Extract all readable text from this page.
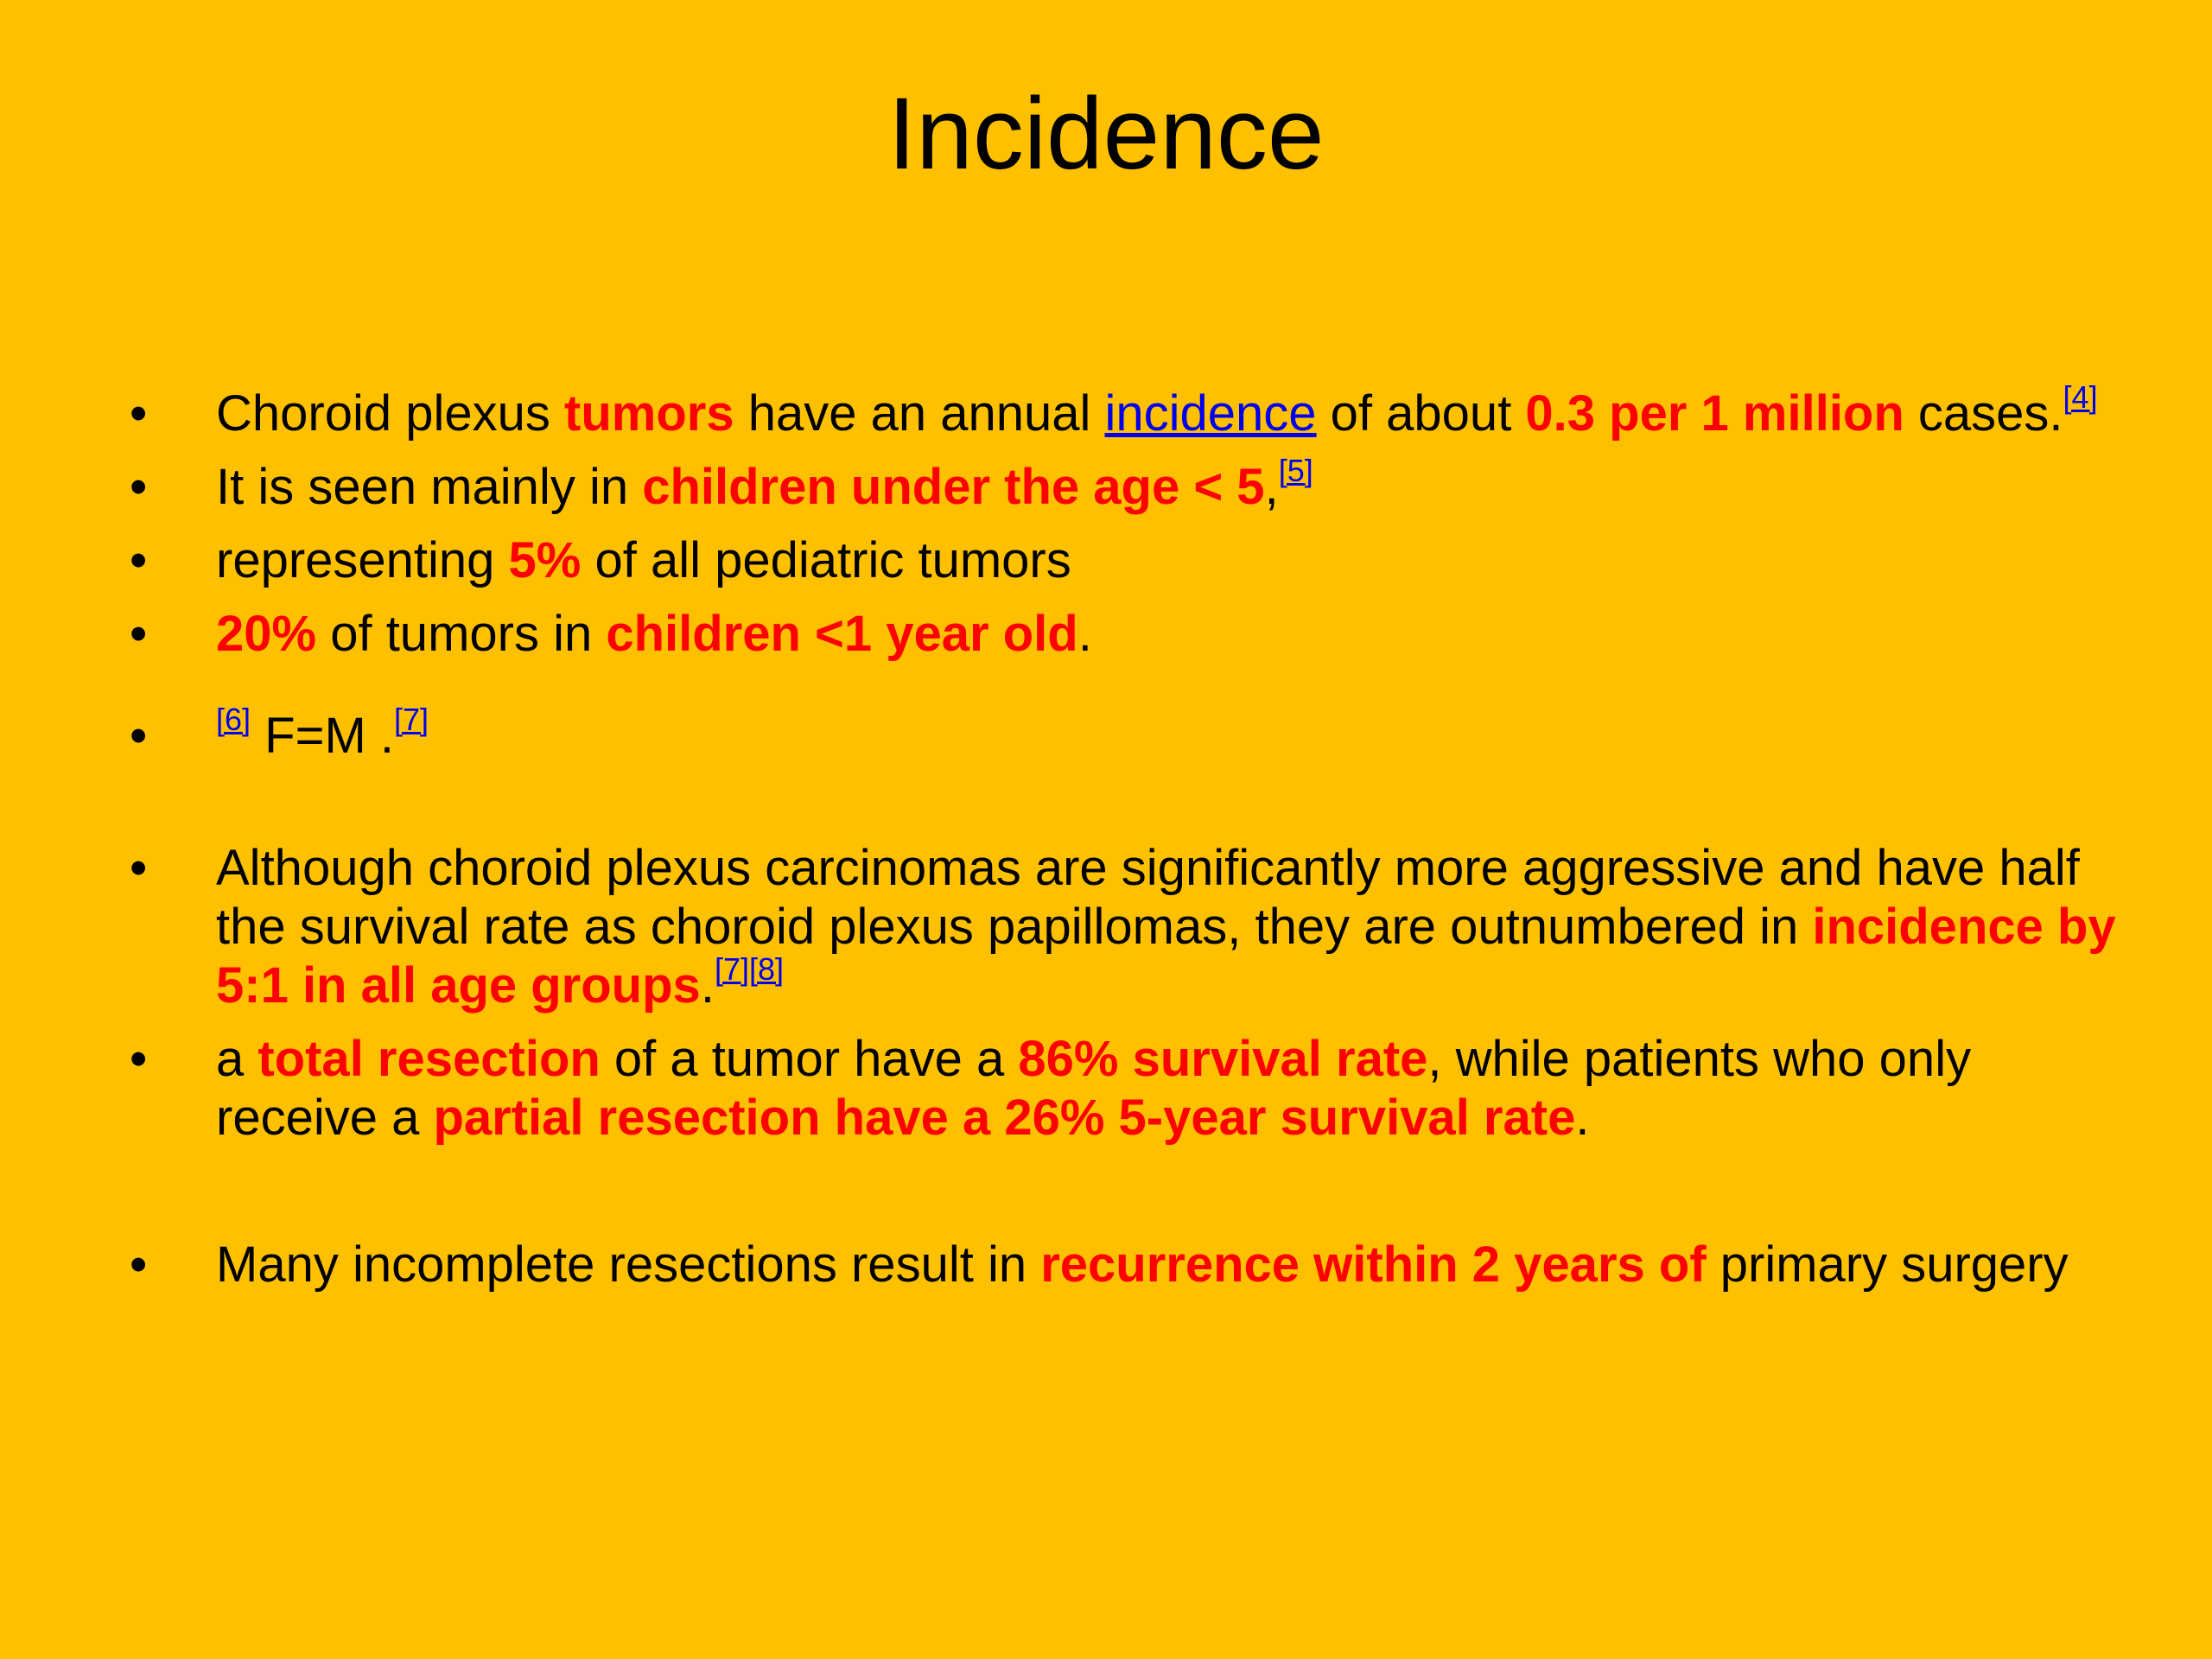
Incidence
• Choroid plexus tumors have an annual incidence of about 0.3 per 1 million cases.[4]
• It is seen mainly in children under the age < 5,[5]
• representing 5% of all pediatric tumors
• 20% of tumors in children <1 year old.
• [6] F=M .[7]
• Although choroid plexus carcinomas are significantly more aggressive and have half the survival rate as choroid plexus papillomas, they are outnumbered in incidence by 5:1 in all age groups.[7][8]
• a total resection of a tumor have a 86% survival rate, while patients who only receive a partial resection have a 26% 5-year survival rate.
• Many incomplete resections result in recurrence within 2 years of primary surgery
